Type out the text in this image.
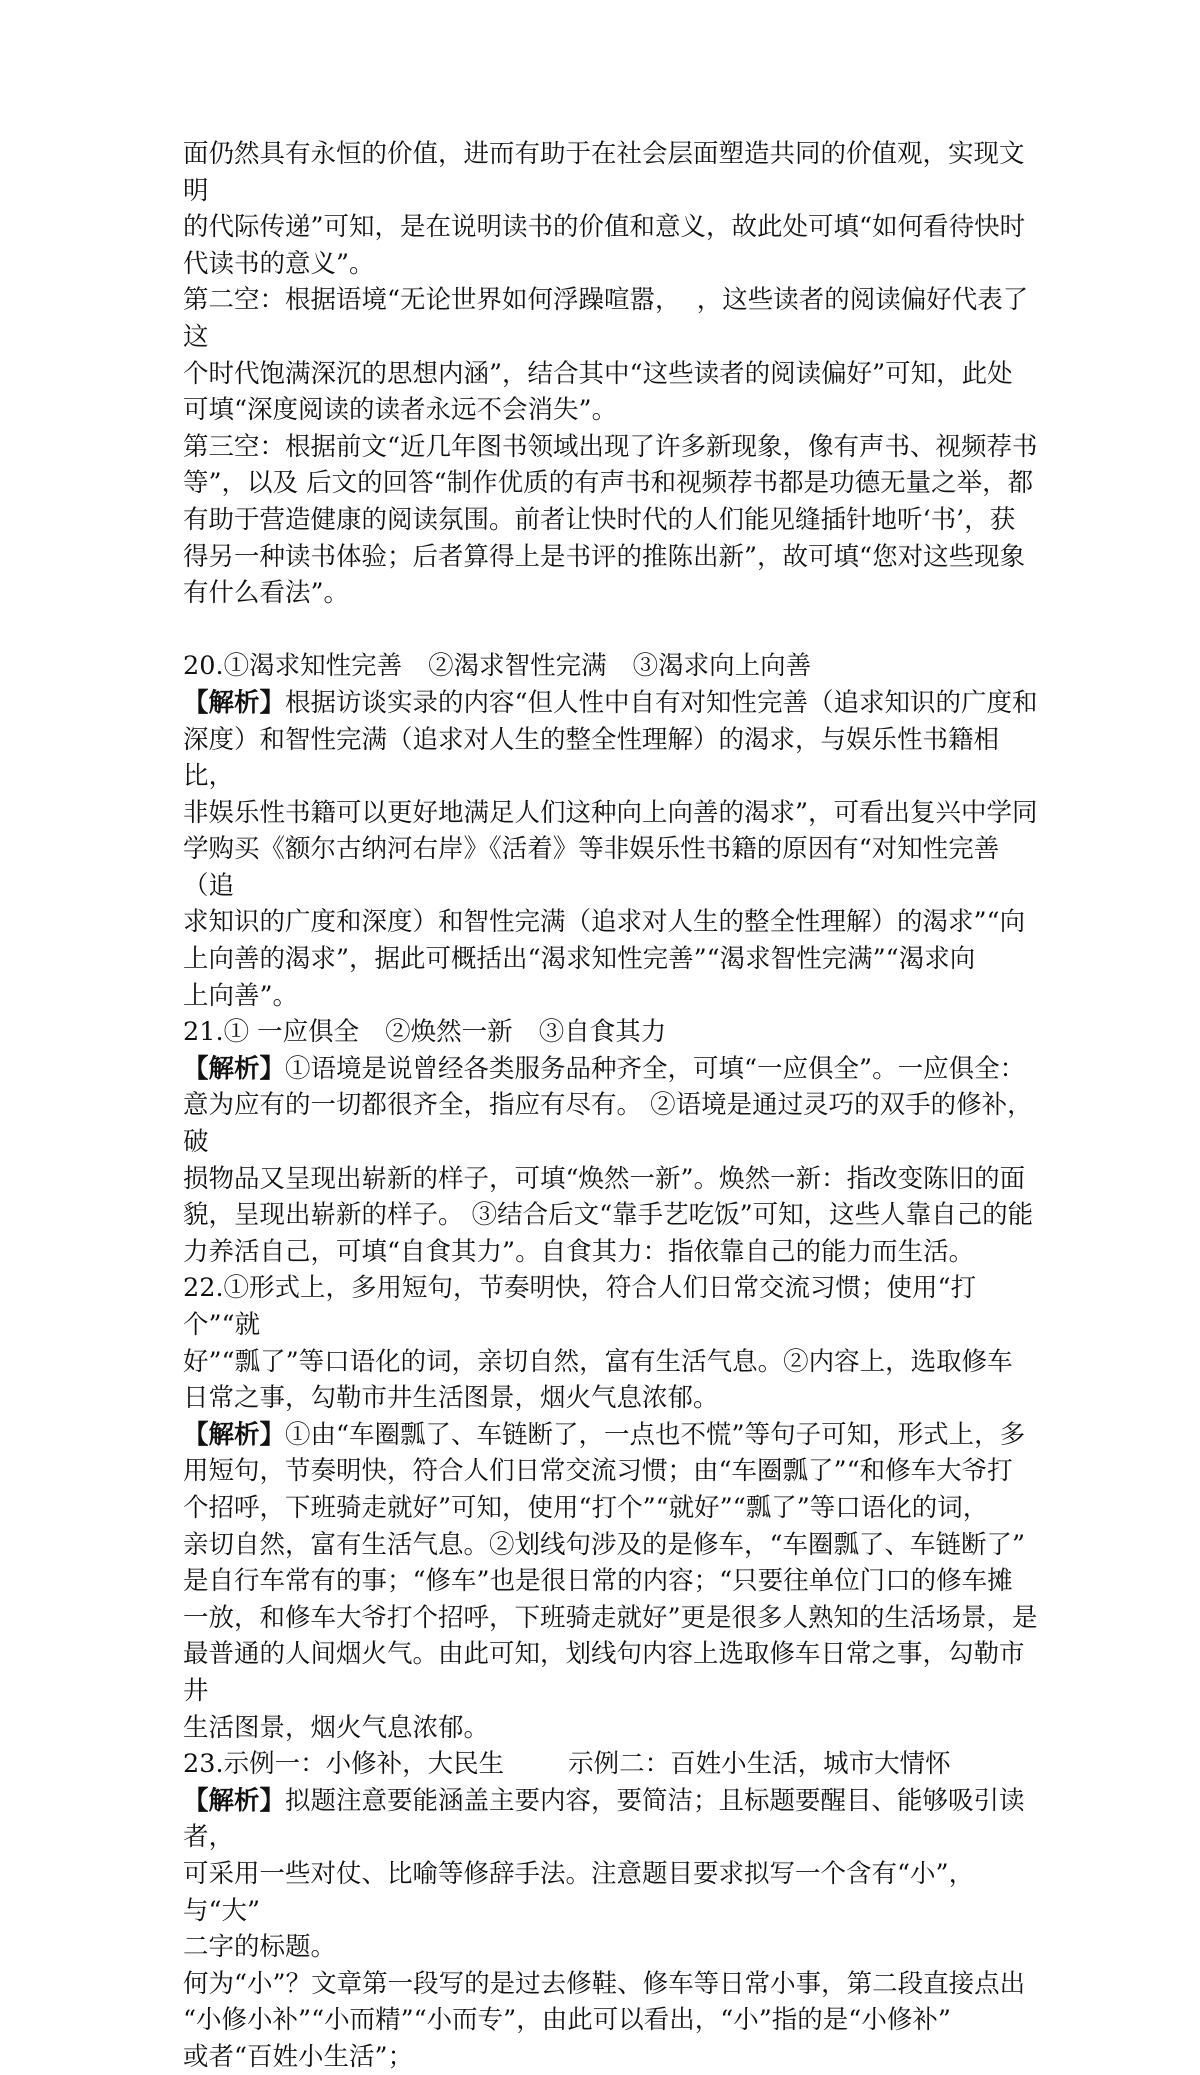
面仍然具有永恒的价值，进而有助于在社会层面塑造共同的价值观，实现文明

的代际传递”可知，是在说明读书的价值和意义，故此处可填“如何看待快时

代读书的意义”。

第二空：根据语境“无论世界如何浮躁喧嚣，  ，这些读者的阅读偏好代表了这

个时代饱满深沉的思想内涵”，结合其中“这些读者的阅读偏好”可知，此处

可填“深度阅读的读者永远不会消失”。

第三空：根据前文“近几年图书领域出现了许多新现象，像有声书、视频荐书

等”，以及 后文的回答“制作优质的有声书和视频荐书都是功德无量之举，都

有助于营造健康的阅读氛围。前者让快时代的人们能见缝插针地听‘书’，获

得另一种读书体验；后者算得上是书评的推陈出新”，故可填“您对这些现象

有什么看法”。

20.①渴求知性完善 ②渴求智性完满 ③渴求向上向善

【解析】根据访谈实录的内容“但人性中自有对知性完善（追求知识的广度和

深度）和智性完满（追求对人生的整全性理解）的渴求，与娱乐性书籍相比，

非娱乐性书籍可以更好地满足人们这种向上向善的渴求”，可看出复兴中学同

学购买《额尔古纳河右岸》《活着》等非娱乐性书籍的原因有“对知性完善（追

求知识的广度和深度）和智性完满（追求对人生的整全性理解）的渴求”“向

上向善的渴求”，据此可概括出“渴求知性完善”“渴求智性完满”“渴求向

上向善”。

21.① 一应俱全 ②焕然一新 ③自食其力

【解析】①语境是说曾经各类服务品种齐全，可填“一应俱全”。一应俱全：

意为应有的一切都很齐全，指应有尽有。 ②语境是通过灵巧的双手的修补，破

损物品又呈现出崭新的样子，可填“焕然一新”。焕然一新：指改变陈旧的面

貌，呈现出崭新的样子。 ③结合后文“靠手艺吃饭”可知，这些人靠自己的能

力养活自己，可填“自食其力”。自食其力：指依靠自己的能力而生活。

22.①形式上，多用短句，节奏明快，符合人们日常交流习惯；使用“打个”“就

好”“瓢了”等口语化的词，亲切自然，富有生活气息。②内容上，选取修车

日常之事，勾勒市井生活图景，烟火气息浓郁。

【解析】①由“车圈瓢了、车链断了，一点也不慌”等句子可知，形式上，多

用短句，节奏明快，符合人们日常交流习惯；由“车圈瓢了”“和修车大爷打

个招呼，下班骑走就好”可知，使用“打个”“就好”“瓢了”等口语化的词，

亲切自然，富有生活气息。②划线句涉及的是修车，“车圈瓢了、车链断了”

是自行车常有的事；“修车”也是很日常的内容；“只要往单位门口的修车摊

一放，和修车大爷打个招呼，下班骑走就好”更是很多人熟知的生活场景，是

最普通的人间烟火气。由此可知，划线句内容上选取修车日常之事，勾勒市井

生活图景，烟火气息浓郁。

23.示例一：小修补，大民生	示例二：百姓小生活，城市大情怀

【解析】拟题注意要能涵盖主要内容，要简洁；且标题要醒目、能够吸引读者，

可采用一些对仗、比喻等修辞手法。注意题目要求拟写一个含有“小”，与“大”

二字的标题。

何为“小”？文章第一段写的是过去修鞋、修车等日常小事，第二段直接点出

“小修小补”“小而精”“小而专”，由此可以看出，“小”指的是“小修补”

或者“百姓小生活”；
